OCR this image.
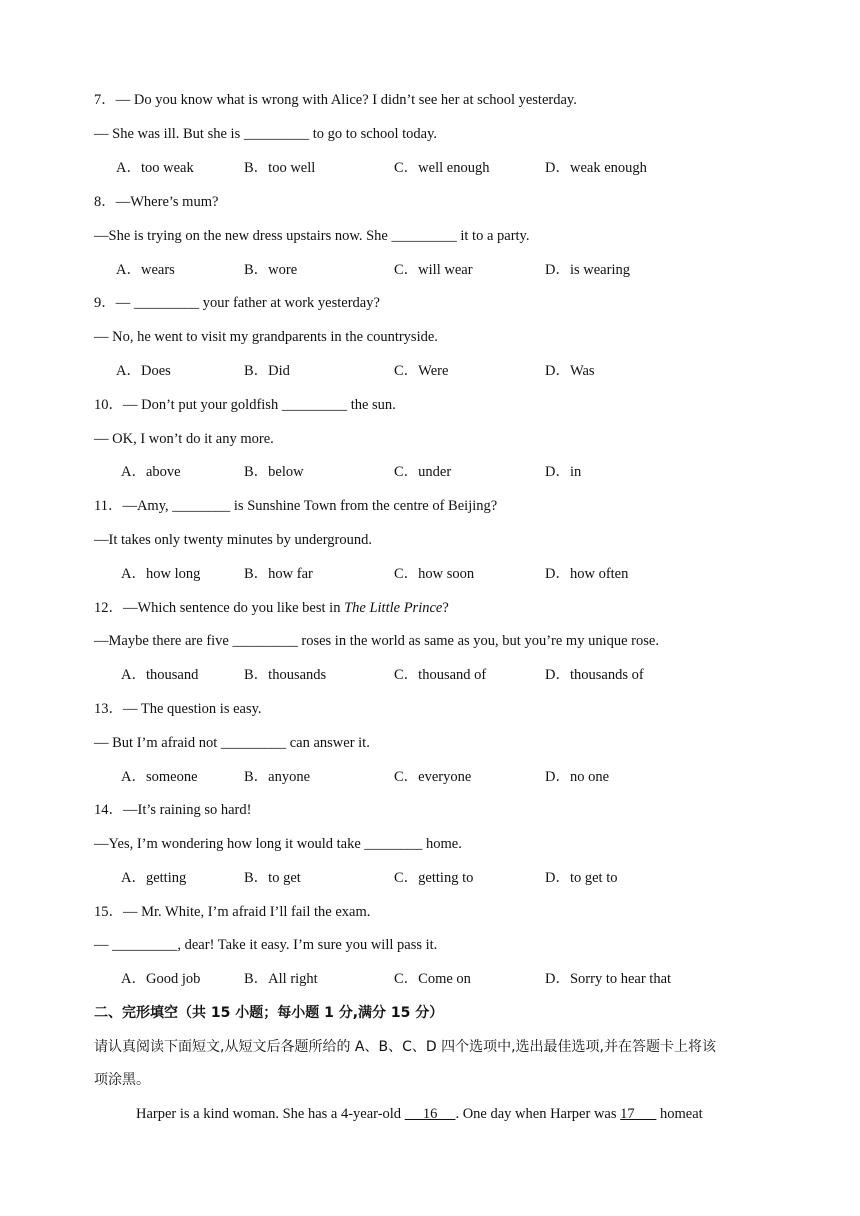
7．— Do you know what is wrong with Alice? I didn’t see her at school yesterday.
— She was ill. But she is _________ to go to school today.
A．too weak	B．too well	C．well enough	D．weak enough
8．—Where’s mum?
—She is trying on the new dress upstairs now. She _________ it to a party.
A．wears	B．wore	C．will wear	D．is wearing
9．— _________ your father at work yesterday?
— No, he went to visit my grandparents in the countryside.
A．Does	B．Did	C．Were	D．Was
10．— Don’t put your goldfish _________ the sun.
— OK, I won’t do it any more.
A．above	B．below	C．under	D．in
11．—Amy, ________ is Sunshine Town from the centre of Beijing?
—It takes only twenty minutes by underground.
A．how long	B．how far	C．how soon	D．how often
12．—Which sentence do you like best in The Little Prince?
—Maybe there are five _________ roses in the world as same as you, but you’re my unique rose.
A．thousand	B．thousands	C．thousand of	D．thousands of
13．— The question is easy.
— But I’m afraid not _________ can answer it.
A．someone	B．anyone	C．everyone	D．no one
14．—It’s raining so hard!
—Yes, I’m wondering how long it would take ________ home.
A．getting	B．to get	C．getting to	D．to get to
15．— Mr. White, I’m afraid I’ll fail the exam.
— _________, dear! Take it easy. I’m sure you will pass it.
A．Good job	B．All right	C．Come on	D．Sorry to hear that
二、完形填空（共 15 小题；每小题 1 分,满分 15 分）
请认真阅读下面短文,从短文后各题所给的 A、B、C、D 四个选项中,选出最佳选项,并在答题卡上将该
项涂黑。
Harper is a kind woman. She has a 4-year-old      16     . One day when Harper was 17       homeat
